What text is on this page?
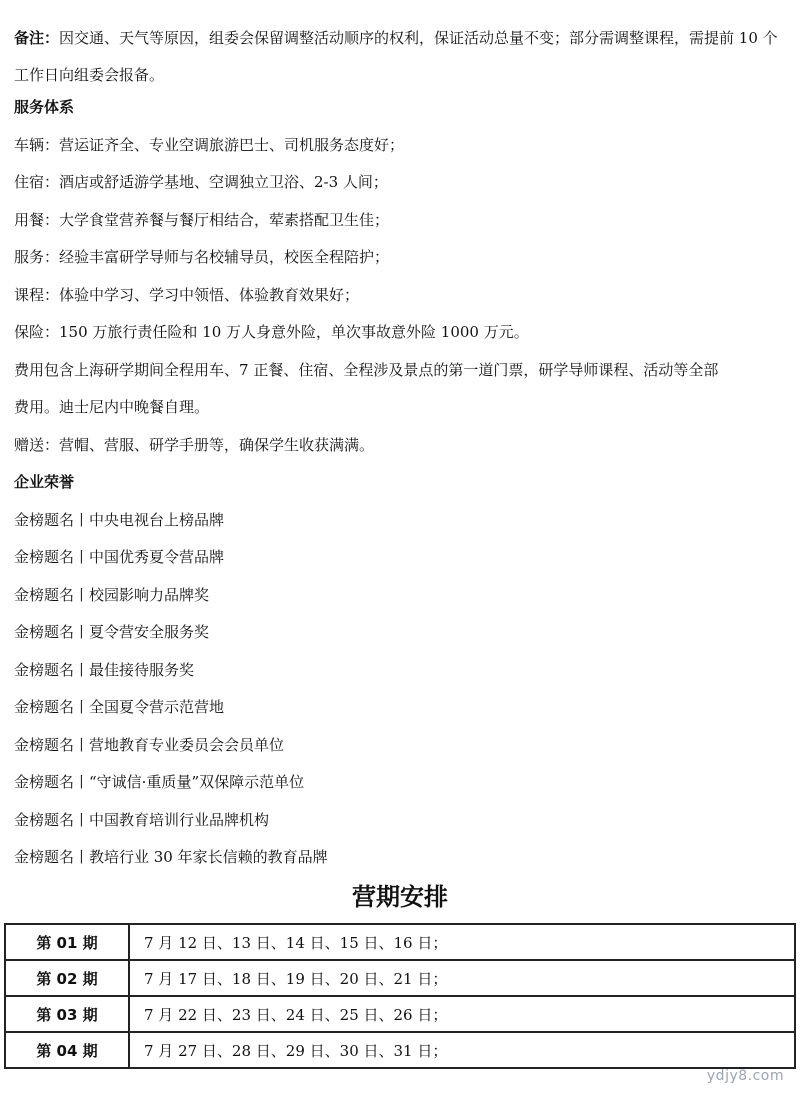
备注：因交通、天气等原因，组委会保留调整活动顺序的权利，保证活动总量不变；部分需调整课程，需提前 10 个工作日向组委会报备。
服务体系
车辆：营运证齐全、专业空调旅游巴士、司机服务态度好；
住宿：酒店或舒适游学基地、空调独立卫浴、2-3 人间；
用餐：大学食堂营养餐与餐厅相结合，荤素搭配卫生佳；
服务：经验丰富研学导师与名校辅导员，校医全程陪护；
课程：体验中学习、学习中领悟、体验教育效果好；
保险：150 万旅行责任险和 10 万人身意外险，单次事故意外险 1000 万元。
费用包含上海研学期间全程用车、7 正餐、住宿、全程涉及景点的第一道门票，研学导师课程、活动等全部
费用。迪士尼内中晚餐自理。
赠送：营帽、营服、研学手册等，确保学生收获满满。
企业荣誉
金榜题名丨中央电视台上榜品牌
金榜题名丨中国优秀夏令营品牌
金榜题名丨校园影响力品牌奖
金榜题名丨夏令营安全服务奖
金榜题名丨最佳接待服务奖
金榜题名丨全国夏令营示范营地
金榜题名丨营地教育专业委员会会员单位
金榜题名丨“守诚信·重质量”双保障示范单位
金榜题名丨中国教育培训行业品牌机构
金榜题名丨教培行业 30 年家长信赖的教育品牌
营期安排
第 01 期	7 月 12 日、13 日、14 日、15 日、16 日；
第 02 期	7 月 17 日、18 日、19 日、20 日、21 日；
第 03 期	7 月 22 日、23 日、24 日、25 日、26 日；
第 04 期	7 月 27 日、28 日、29 日、30 日、31 日；
ydjy8.com
